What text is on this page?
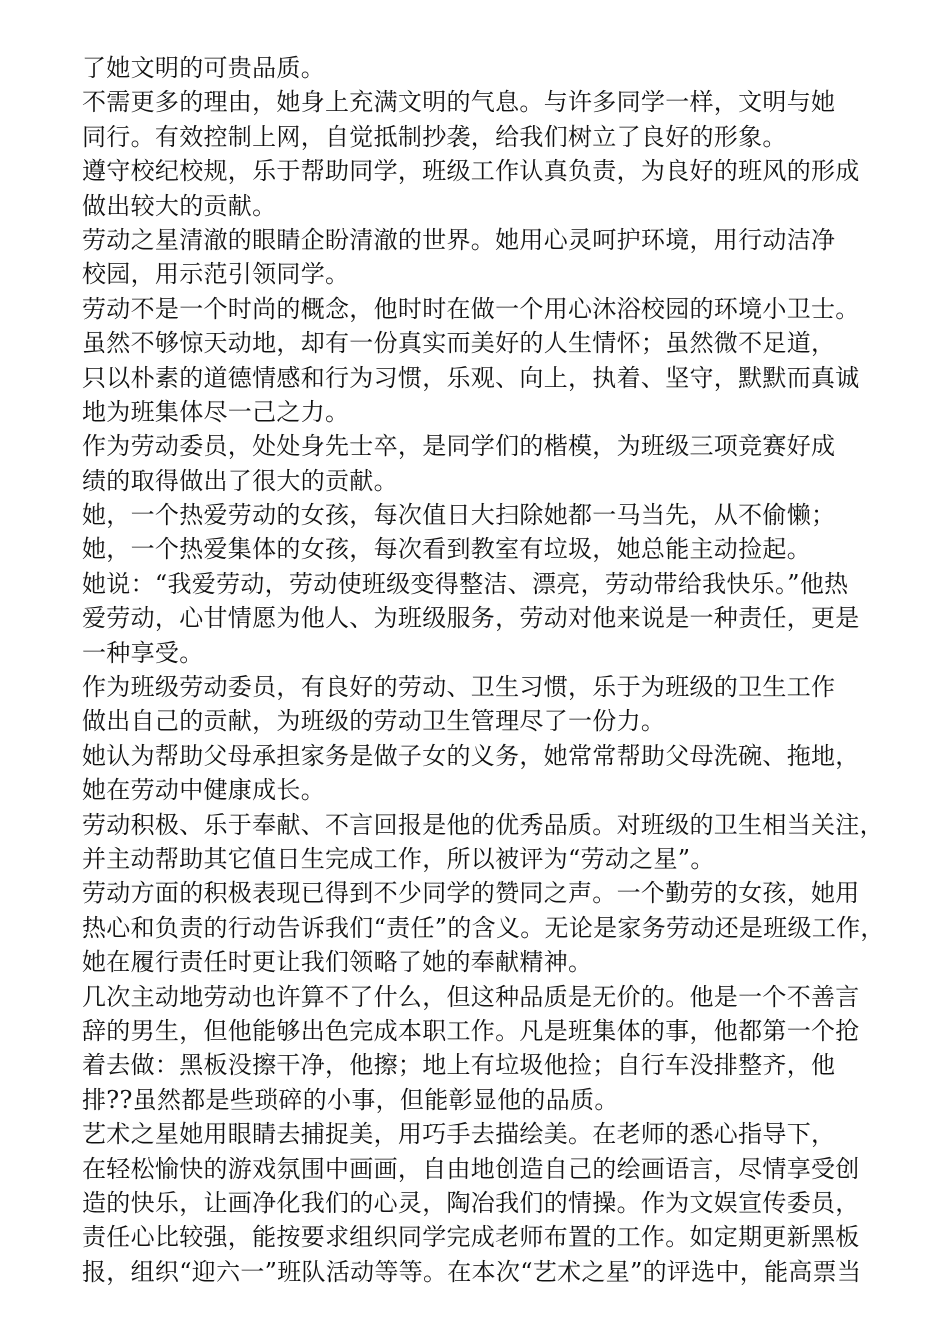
了她文明的可贵品质。
不需更多的理由，她身上充满文明的气息。与许多同学一样，文明与她
同行。有效控制上网，自觉抵制抄袭，给我们树立了良好的形象。
遵守校纪校规，乐于帮助同学，班级工作认真负责，为良好的班风的形成
做出较大的贡献。
劳动之星清澈的眼睛企盼清澈的世界。她用心灵呵护环境，用行动洁净
校园，用示范引领同学。
劳动不是一个时尚的概念，他时时在做一个用心沐浴校园的环境小卫士。
虽然不够惊天动地，却有一份真实而美好的人生情怀；虽然微不足道，
只以朴素的道德情感和行为习惯，乐观、向上，执着、坚守，默默而真诚
地为班集体尽一己之力。
作为劳动委员，处处身先士卒，是同学们的楷模，为班级三项竞赛好成
绩的取得做出了很大的贡献。
她，一个热爱劳动的女孩，每次值日大扫除她都一马当先，从不偷懒；
她，一个热爱集体的女孩，每次看到教室有垃圾，她总能主动捡起。
她说：“我爱劳动，劳动使班级变得整洁、漂亮，劳动带给我快乐。”他热
爱劳动，心甘情愿为他人、为班级服务，劳动对他来说是一种责任，更是
一种享受。
作为班级劳动委员，有良好的劳动、卫生习惯，乐于为班级的卫生工作
做出自己的贡献，为班级的劳动卫生管理尽了一份力。
她认为帮助父母承担家务是做子女的义务，她常常帮助父母洗碗、拖地，
她在劳动中健康成长。
劳动积极、乐于奉献、不言回报是他的优秀品质。对班级的卫生相当关注，
并主动帮助其它值日生完成工作，所以被评为“劳动之星”。
劳动方面的积极表现已得到不少同学的赞同之声。一个勤劳的女孩，她用
热心和负责的行动告诉我们“责任”的含义。无论是家务劳动还是班级工作，
她在履行责任时更让我们领略了她的奉献精神。
几次主动地劳动也许算不了什么，但这种品质是无价的。他是一个不善言
辞的男生，但他能够出色完成本职工作。凡是班集体的事，他都第一个抢
着去做：黑板没擦干净，他擦；地上有垃圾他捡；自行车没排整齐，他
排??虽然都是些琐碎的小事，但能彰显他的品质。
艺术之星她用眼睛去捕捉美，用巧手去描绘美。在老师的悉心指导下，
在轻松愉快的游戏氛围中画画，自由地创造自己的绘画语言，尽情享受创
造的快乐，让画净化我们的心灵，陶冶我们的情操。作为文娱宣传委员，
责任心比较强，能按要求组织同学完成老师布置的工作。如定期更新黑板
报，组织“迎六一”班队活动等等。在本次“艺术之星”的评选中，能高票当
